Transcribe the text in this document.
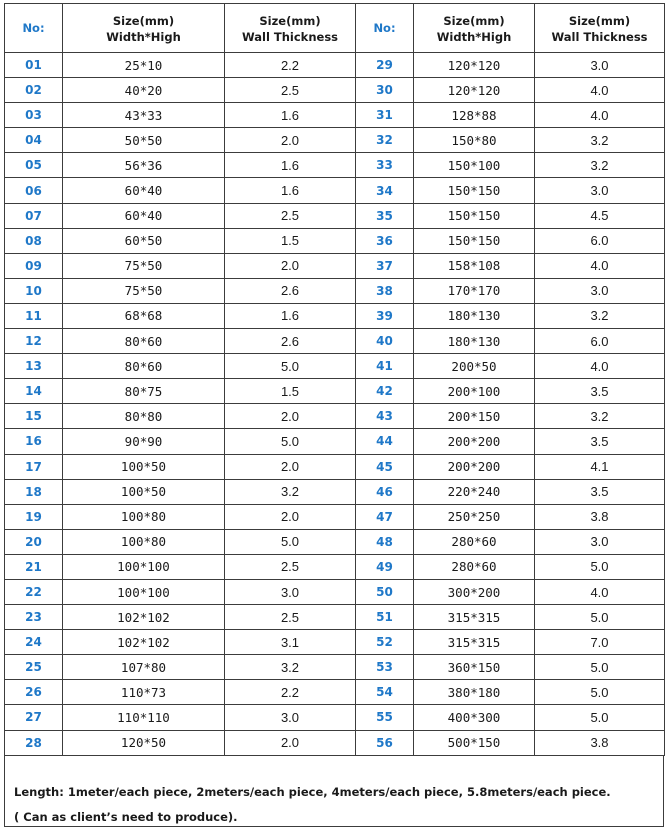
No:	Size(mm)	Size(mm)	No:	Size(mm)	Size(mm)
	Width*High	Wall Thickness		Width*High	Wall Thickness
01	25*10	2.2	29	120*120	3.0
02	40*20	2.5	30	120*120	4.0
03	43*33	1.6	31	128*88	4.0
04	50*50	2.0	32	150*80	3.2
05	56*36	1.6	33	150*100	3.2
06	60*40	1.6	34	150*150	3.0
07	60*40	2.5	35	150*150	4.5
08	60*50	1.5	36	150*150	6.0
09	75*50	2.0	37	158*108	4.0
10	75*50	2.6	38	170*170	3.0
11	68*68	1.6	39	180*130	3.2
12	80*60	2.6	40	180*130	6.0
13	80*60	5.0	41	200*50	4.0
14	80*75	1.5	42	200*100	3.5
15	80*80	2.0	43	200*150	3.2
16	90*90	5.0	44	200*200	3.5
17	100*50	2.0	45	200*200	4.1
18	100*50	3.2	46	220*240	3.5
19	100*80	2.0	47	250*250	3.8
20	100*80	5.0	48	280*60	3.0
21	100*100	2.5	49	280*60	5.0
22	100*100	3.0	50	300*200	4.0
23	102*102	2.5	51	315*315	5.0
24	102*102	3.1	52	315*315	7.0
25	107*80	3.2	53	360*150	5.0
26	110*73	2.2	54	380*180	5.0
27	110*110	3.0	55	400*300	5.0
28	120*50	2.0	56	500*150	3.8
Length: 1meter/each piece, 2meters/each piece, 4meters/each piece, 5.8meters/each piece.
( Can as client’s need to produce).
